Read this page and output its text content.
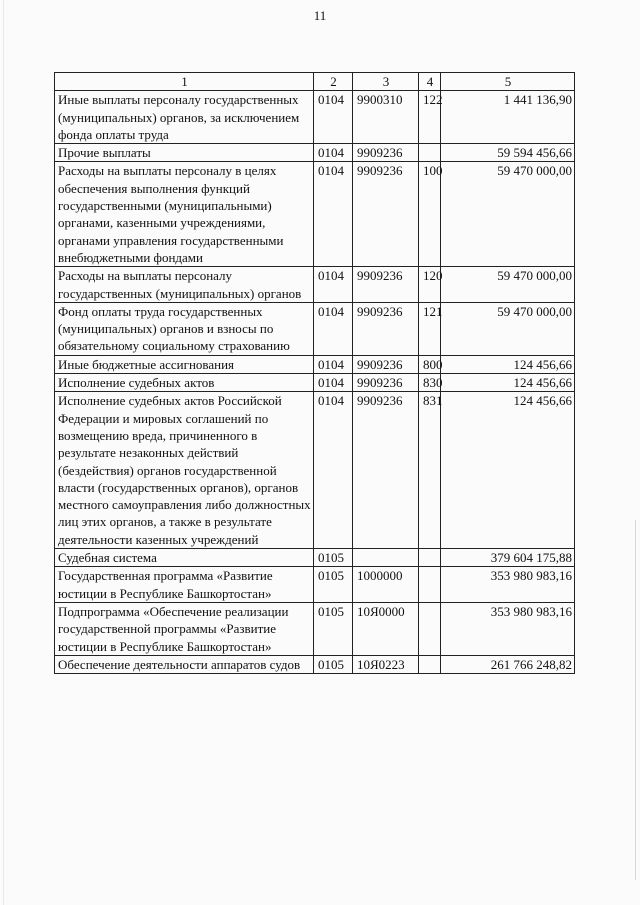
11
1	2	3	4	5
Иные выплаты персоналу государственных (муниципальных) органов, за исключением фонда оплаты труда	0104	9900310	122	1 441 136,90
Прочие выплаты	0104	9909236		59 594 456,66
Расходы на выплаты персоналу в целях обеспечения выполнения функций государственными (муниципальными) органами, казенными учреждениями, органами управления государственными внебюджетными фондами	0104	9909236	100	59 470 000,00
Расходы на выплаты персоналу государственных (муниципальных) органов	0104	9909236	120	59 470 000,00
Фонд оплаты труда государственных (муниципальных) органов и взносы по обязательному социальному страхованию	0104	9909236	121	59 470 000,00
Иные бюджетные ассигнования	0104	9909236	800	124 456,66
Исполнение судебных актов	0104	9909236	830	124 456,66
Исполнение судебных актов Российской Федерации и мировых соглашений по возмещению вреда, причиненного в результате незаконных действий (бездействия) органов государственной власти (государственных органов), органов местного самоуправления либо должностных лиц этих органов, а также в результате деятельности казенных учреждений	0104	9909236	831	124 456,66
Судебная система	0105			379 604 175,88
Государственная программа «Развитие юстиции в Республике Башкортостан»	0105	1000000		353 980 983,16
Подпрограмма «Обеспечение реализации государственной программы «Развитие юстиции в Республике Башкортостан»	0105	10Я0000		353 980 983,16
Обеспечение деятельности аппаратов судов	0105	10Я0223		261 766 248,82
